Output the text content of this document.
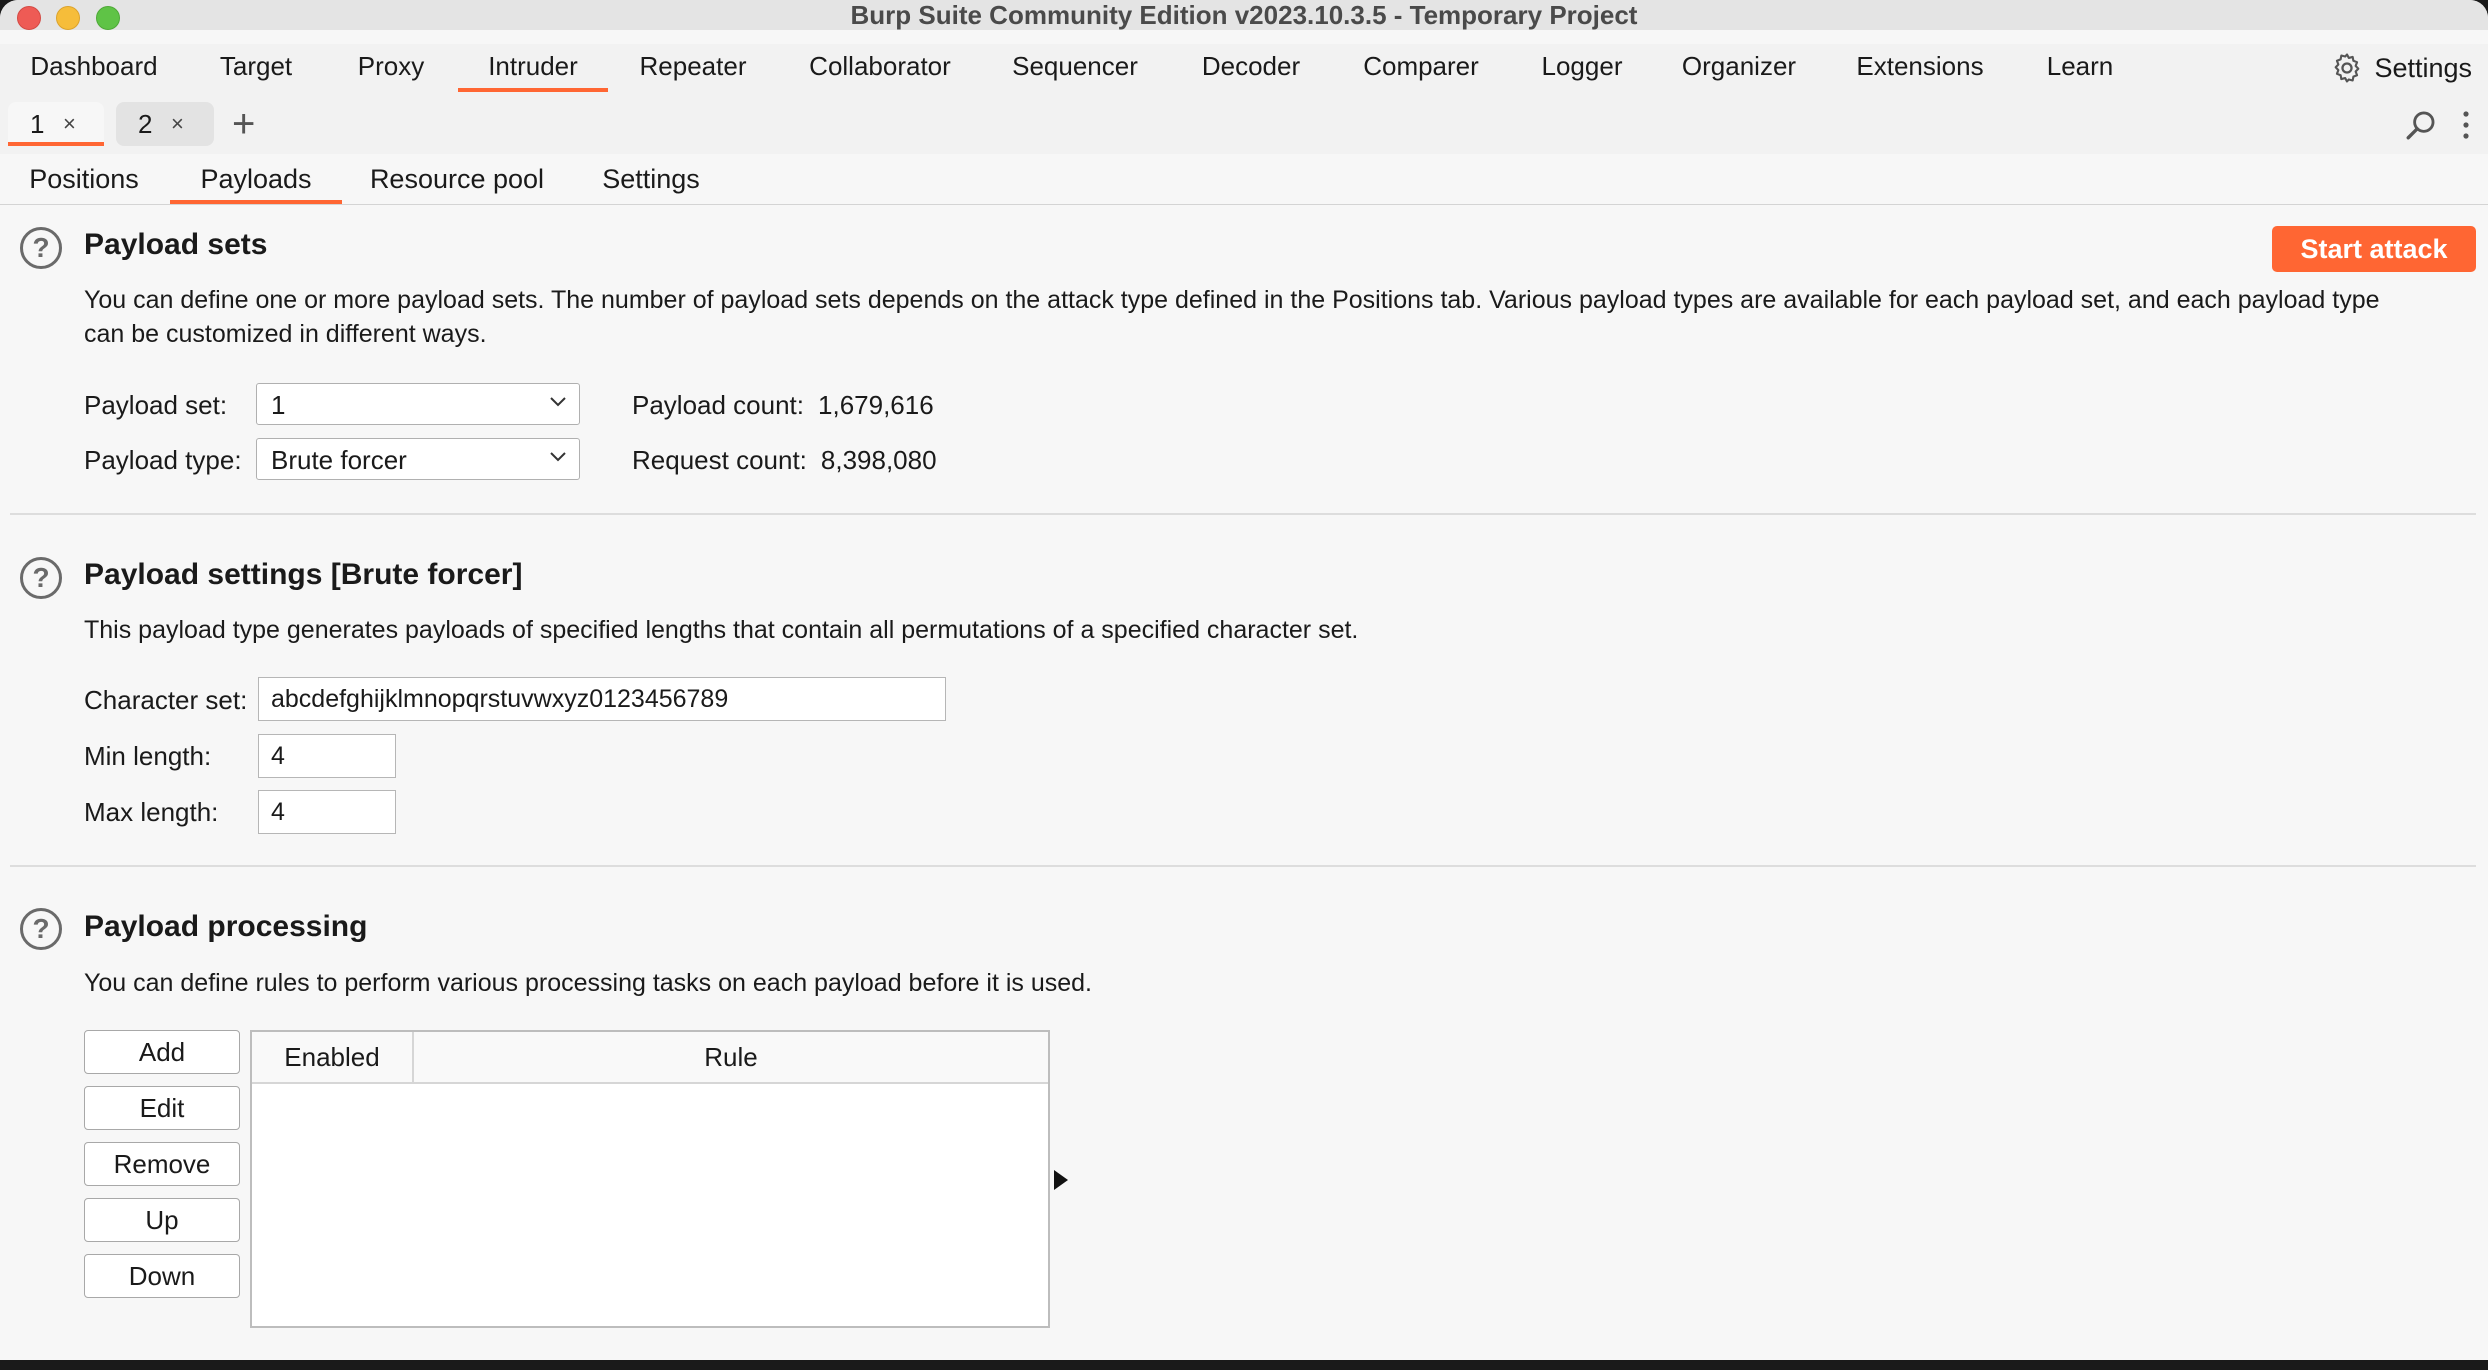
Burp Suite Community Edition v2023.10.3.5 - Temporary Project
Dashboard	Target	Proxy	Intruder	Repeater	Collaborator	Sequencer	Decoder	Comparer	Logger	Organizer	Extensions	Learn	Settings
1 × 2 × +
Positions	Payloads	Resource pool	Settings
?	Payload sets	Start attack
You can define one or more payload sets. The number of payload sets depends on the attack type defined in the Positions tab. Various payload types are available for each payload set, and each payload type can be customized in different ways.
Payload set:	1	Payload count: 1,679,616
Payload type:	Brute forcer	Request count: 8,398,080
?	Payload settings [Brute forcer]
This payload type generates payloads of specified lengths that contain all permutations of a specified character set.
Character set: abcdefghijklmnopqrstuvwxyz0123456789
Min length:	4
Max length:	4
?	Payload processing
You can define rules to perform various processing tasks on each payload before it is used.
Add
Edit
Remove
Up
Down
Enabled	Rule
